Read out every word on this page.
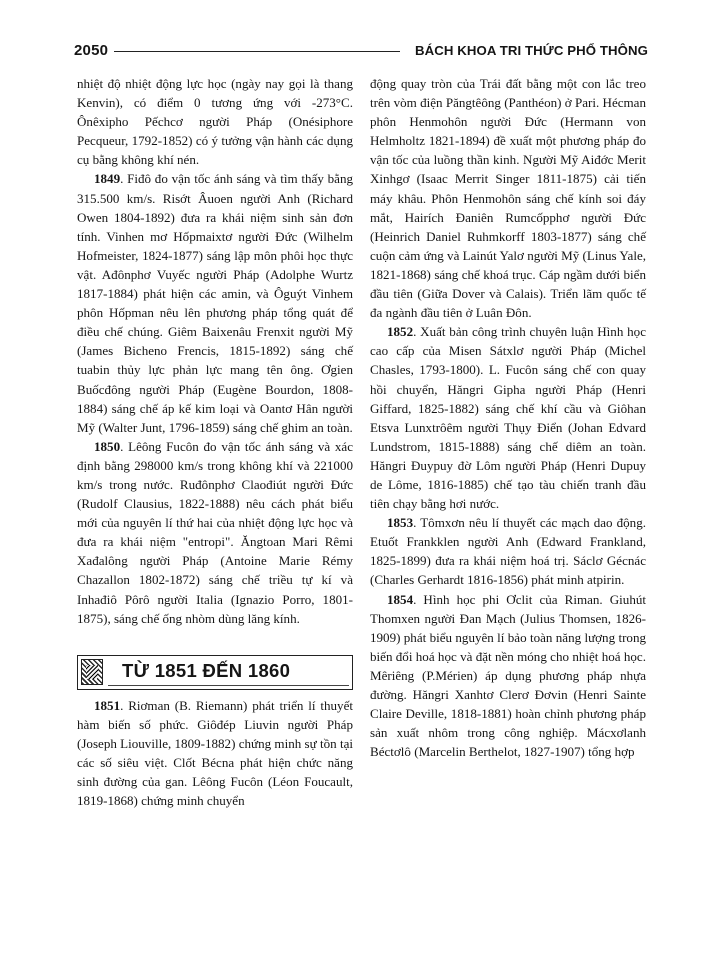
2050	BÁCH KHOA TRI THỨC PHỔ THÔNG

nhiệt độ nhiệt động lực học (ngày nay gọi là thang Kenvin), có điểm 0 tương ứng với -273°C. Ônêxipho Pếchcơ người Pháp (Onésiphore Pecqueur, 1792-1852) có ý tưởng vận hành các dụng cụ bằng không khí nén.

1849. Fiđô đo vận tốc ánh sáng và tìm thấy bằng 315.500 km/s. Risớt Âuoen người Anh (Richard Owen 1804-1892) đưa ra khái niệm sinh sản đơn tính. Vinhen mơ Hốpmaixtơ người Đức (Wilhelm Hofmeister, 1824-1877) sáng lập môn phôi học thực vật. Ađônphơ Vuyếc người Pháp (Adolphe Wurtz 1817-1884) phát hiện các amin, và Ôguýt Vinhem phôn Hốpman nêu lên phương pháp tổng quát để điều chế chúng. Giêm Baixenâu Frenxit người Mỹ (James Bicheno Frencis, 1815-1892) sáng chế tuabin thủy lực phản lực mang tên ông. Ơgien Buốcđông người Pháp (Eugène Bourdon, 1808-1884) sáng chế áp kế kim loại và Oantơ Hân người Mỹ (Walter Junt, 1796-1859) sáng chế ghim an toàn.

1850. Lêông Fucôn đo vận tốc ánh sáng và xác định bằng 298000 km/s trong không khí và 221000 km/s trong nước. Ruđônphơ Claođiút người Đức (Rudolf Clausius, 1822-1888) nêu cách phát biểu mới của nguyên lí thứ hai của nhiệt động lực học và đưa ra khái niệm "entropi". Ăngtoan Mari Rêmi Xađalông người Pháp (Antoine Marie Rémy Chazallon 1802-1872) sáng chế triều tự kí và Inhađiô Pôrô người Italia (Ignazio Porro, 1801-1875), sáng chế ống nhòm dùng lăng kính.

TỪ 1851 ĐẾN 1860

1851. Riơman (B. Riemann) phát triển lí thuyết hàm biến số phức. Giôđép Liuvin người Pháp (Joseph Liouville, 1809-1882) chứng minh sự tồn tại các số siêu việt. Clốt Bécna phát hiện chức năng sinh đường của gan. Lêông Fucôn (Léon Foucault, 1819-1868) chứng minh chuyển

động quay tròn của Trái đất bằng một con lắc treo trên vòm điện Păngtêông (Panthéon) ở Pari. Hécman phôn Henmohôn người Đức (Hermann von Helmholtz 1821-1894) đề xuất một phương pháp đo vận tốc của luồng thần kinh. Người Mỹ Aiđớc Merit Xinhgơ (Isaac Merrit Singer 1811-1875) cải tiến máy khâu. Phôn Henmohôn sáng chế kính soi đáy mắt, Hairích Đaniên Rumcốpphơ người Đức (Heinrich Daniel Ruhmkorff 1803-1877) sáng chế cuộn cảm ứng và Lainút Yalơ người Mỹ (Linus Yale, 1821-1868) sáng chế khoá trục. Cáp ngầm dưới biển đầu tiên (Giữa Dover và Calais). Triển lãm quốc tế đa ngành đầu tiên ở Luân Đôn.

1852. Xuất bản công trình chuyên luận Hình học cao cấp của Misen Sátxlơ người Pháp (Michel Chasles, 1793-1800). L. Fucôn sáng chế con quay hồi chuyển, Hăngri Gipha người Pháp (Henri Giffard, 1825-1882) sáng chế khí cầu và Giôhan Etsva Lunxtrôêm người Thụy Điển (Johan Edvard Lundstrom, 1815-1888) sáng chế diêm an toàn. Hăngri Đuypuy đờ Lôm người Pháp (Henri Dupuy de Lôme, 1816-1885) chế tạo tàu chiến tranh đầu tiên chạy bằng hơi nước.

1853. Tômxơn nêu lí thuyết các mạch dao động. Etuốt Frankklen người Anh (Edward Frankland, 1825-1899) đưa ra khái niệm hoá trị. Sáclơ Gécnác (Charles Gerhardt 1816-1856) phát minh atpirin.

1854. Hình học phi Ơclit của Riman. Giuhút Thomxen người Đan Mạch (Julius Thomsen, 1826-1909) phát biểu nguyên lí bảo toàn năng lượng trong biến đổi hoá học và đặt nền móng cho nhiệt hoá học. Mêriêng (P.Mérien) áp dụng phương pháp nhựa đường. Hăngri Xanhtơ Clerơ Đơvin (Henri Sainte Claire Deville, 1818-1881) hoàn chỉnh phương pháp sản xuất nhôm trong công nghiệp. Mácxơlanh Béctơlô (Marcelin Berthelot, 1827-1907) tổng hợp
